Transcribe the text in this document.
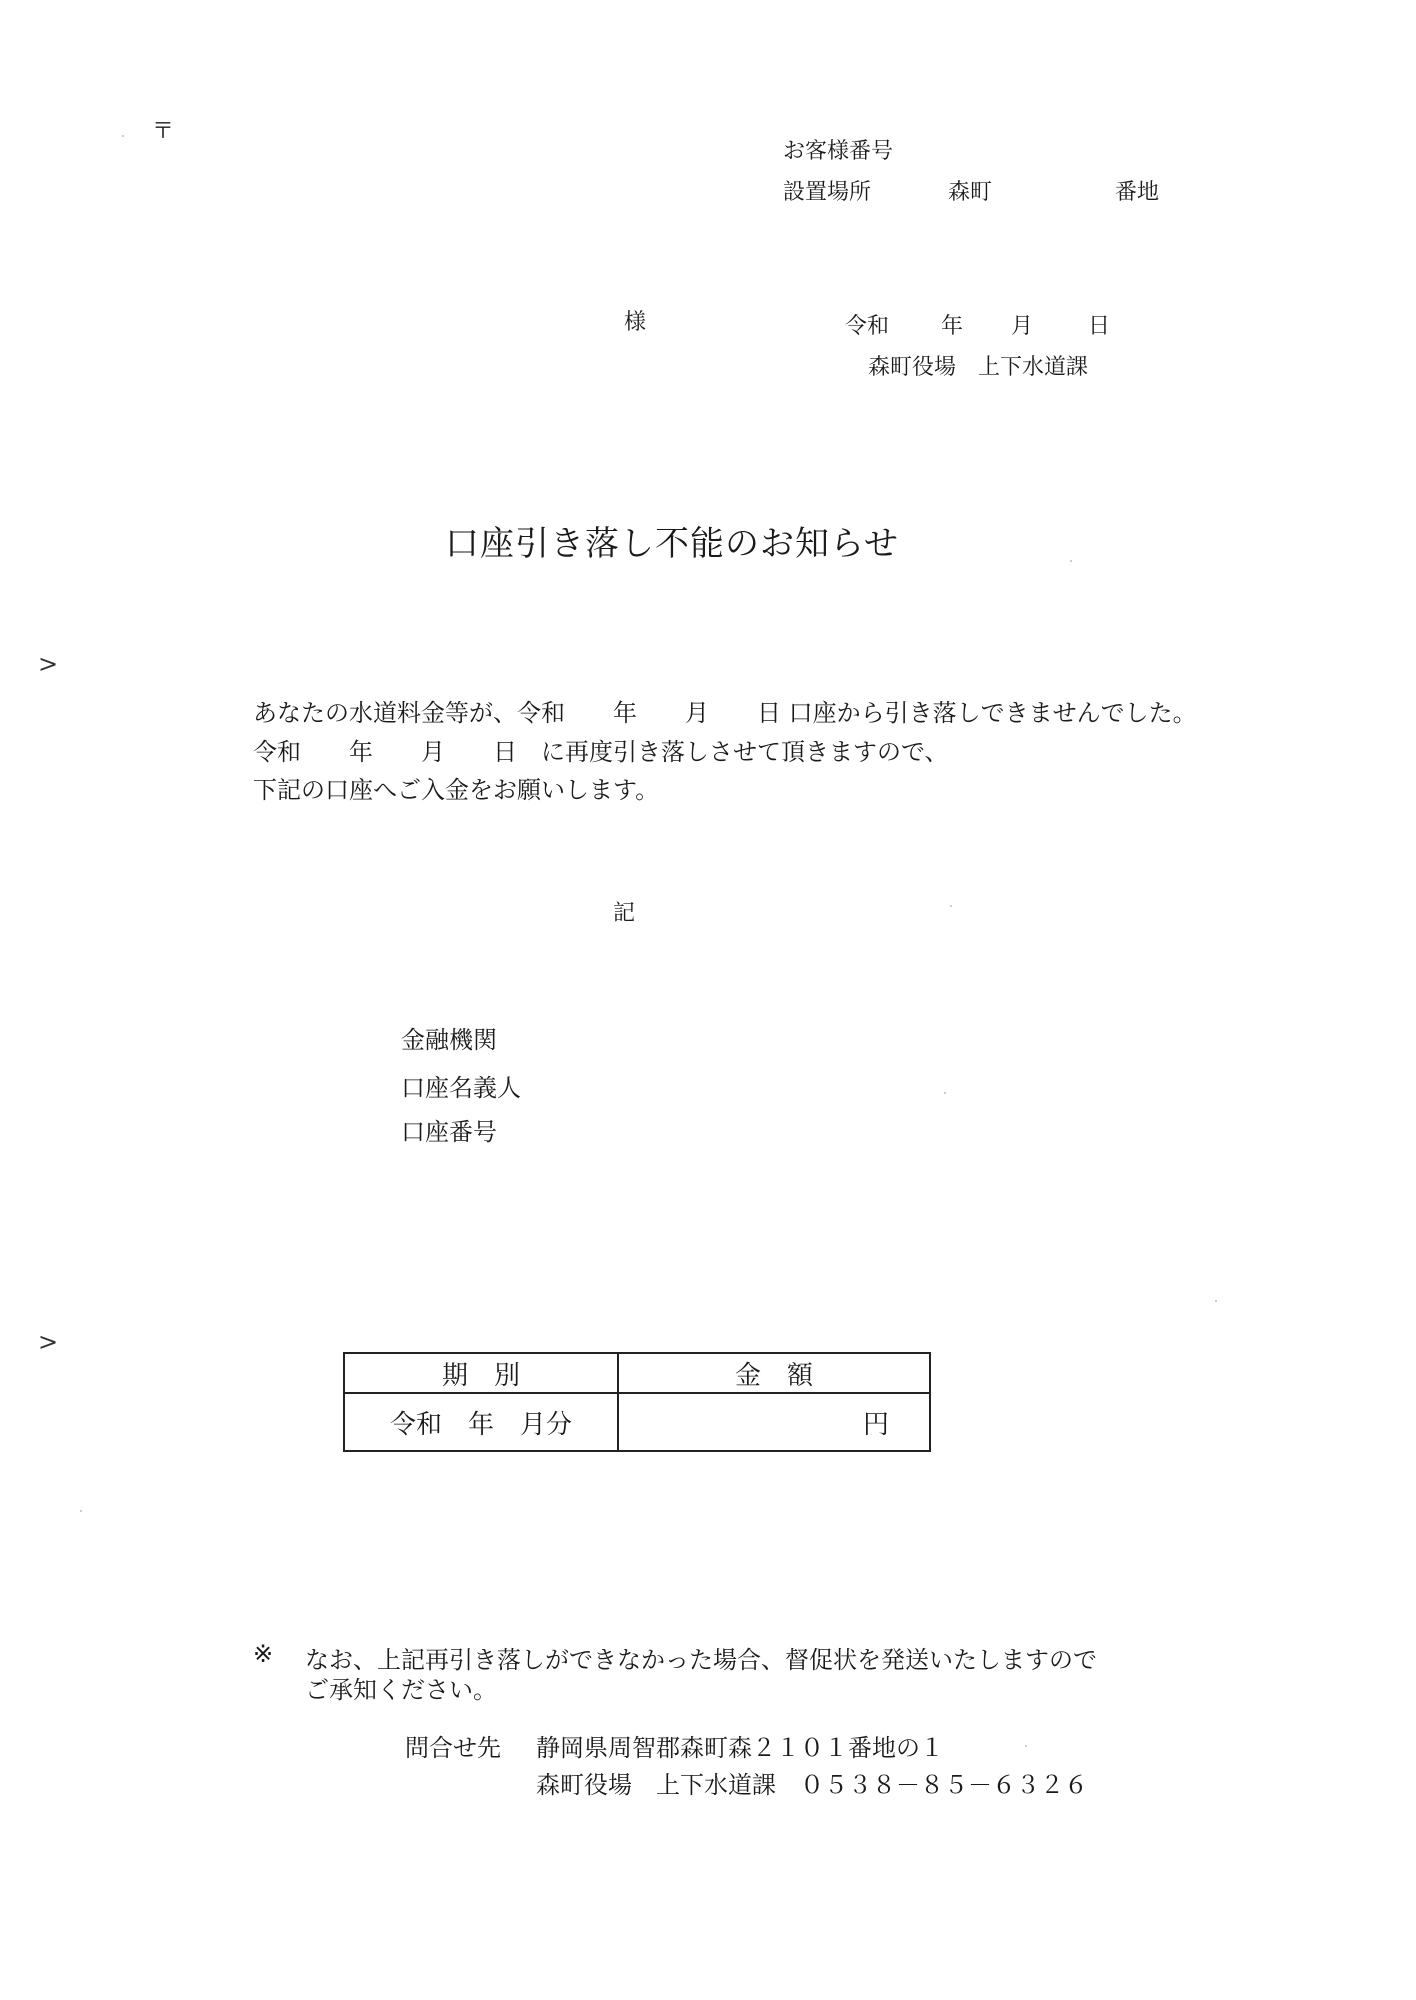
〒
お客様番号
設置場所	森町	番地
様	令和 年 月 日
森町役場　上下水道課
口座引き落し不能のお知らせ
>
>
あなたの水道料金等が、令和　　年　　月　　日 口座から引き落しできませんでした。
令和　　年　　月　　日　に再度引き落しさせて頂きますので、
下記の口座へご入金をお願いします。
記
金融機関
口座名義人
口座番号
期　別	金　額
令和　年　月分	円
※ なお、上記再引き落しができなかった場合、督促状を発送いたしますので
ご承知ください。
問合せ先 静岡県周智郡森町森２１０１番地の１
森町役場　上下水道課　０５３８－８５－６３２６
